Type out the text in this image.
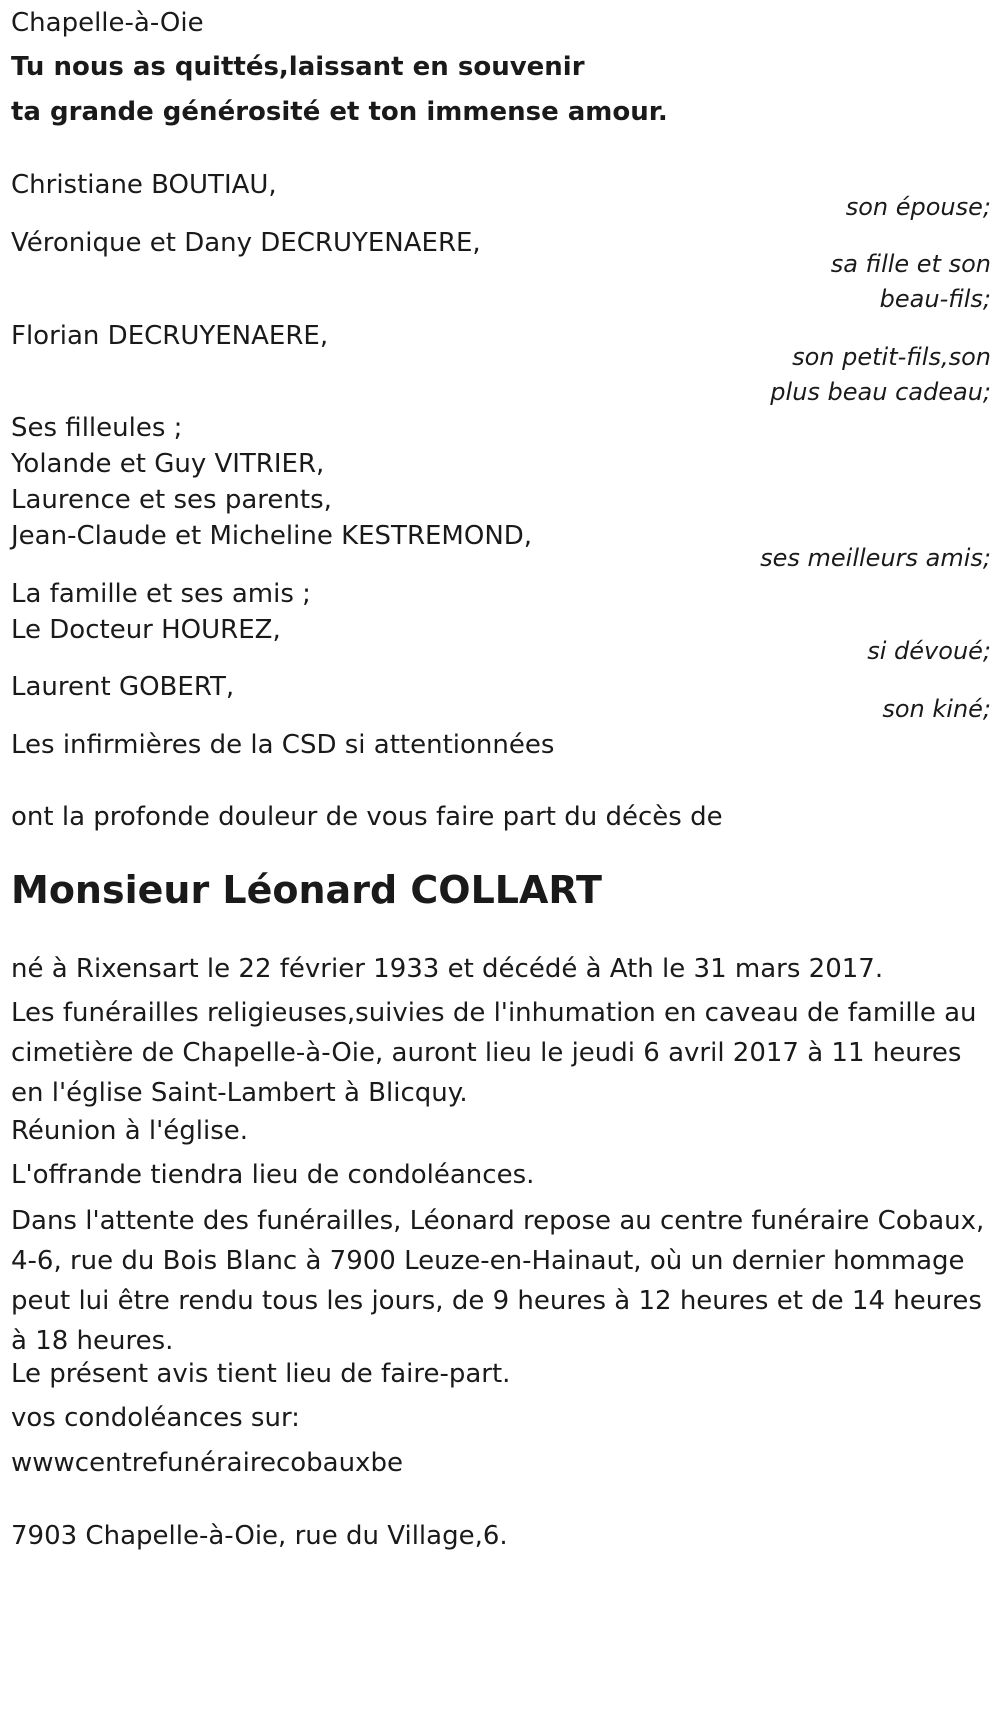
Chapelle-à-Oie
Tu nous as quittés,laissant en souvenir
ta grande générosité et ton immense amour.
Christiane BOUTIAU,
son épouse;
Véronique et Dany DECRUYENAERE,
sa fille et son
beau-fils;
Florian DECRUYENAERE,
son petit-fils,son
plus beau cadeau;
Ses filleules ;
Yolande et Guy VITRIER,
Laurence et ses parents,
Jean-Claude et Micheline KESTREMOND,
ses meilleurs amis;
La famille et ses amis ;
Le Docteur HOUREZ,
si dévoué;
Laurent GOBERT,
son kiné;
Les infirmières de la CSD si attentionnées
ont la profonde douleur de vous faire part du décès de
Monsieur Léonard COLLART
né à Rixensart le 22 février 1933 et décédé à Ath le 31 mars 2017.
Les funérailles religieuses,suivies de l'inhumation en caveau de famille au cimetière de Chapelle-à-Oie, auront lieu le jeudi 6 avril 2017 à 11 heures en l'église Saint-Lambert à Blicquy.
Réunion à l'église.
L'offrande tiendra lieu de condoléances.
Dans l'attente des funérailles, Léonard repose au centre funéraire Cobaux, 4-6, rue du Bois Blanc à 7900 Leuze-en-Hainaut, où un dernier hommage peut lui être rendu tous les jours, de 9 heures à 12 heures et de 14 heures à 18 heures.
Le présent avis tient lieu de faire-part.
vos condoléances sur:
wwwcentrefunérairecobauxbe
7903 Chapelle-à-Oie, rue du Village,6.
